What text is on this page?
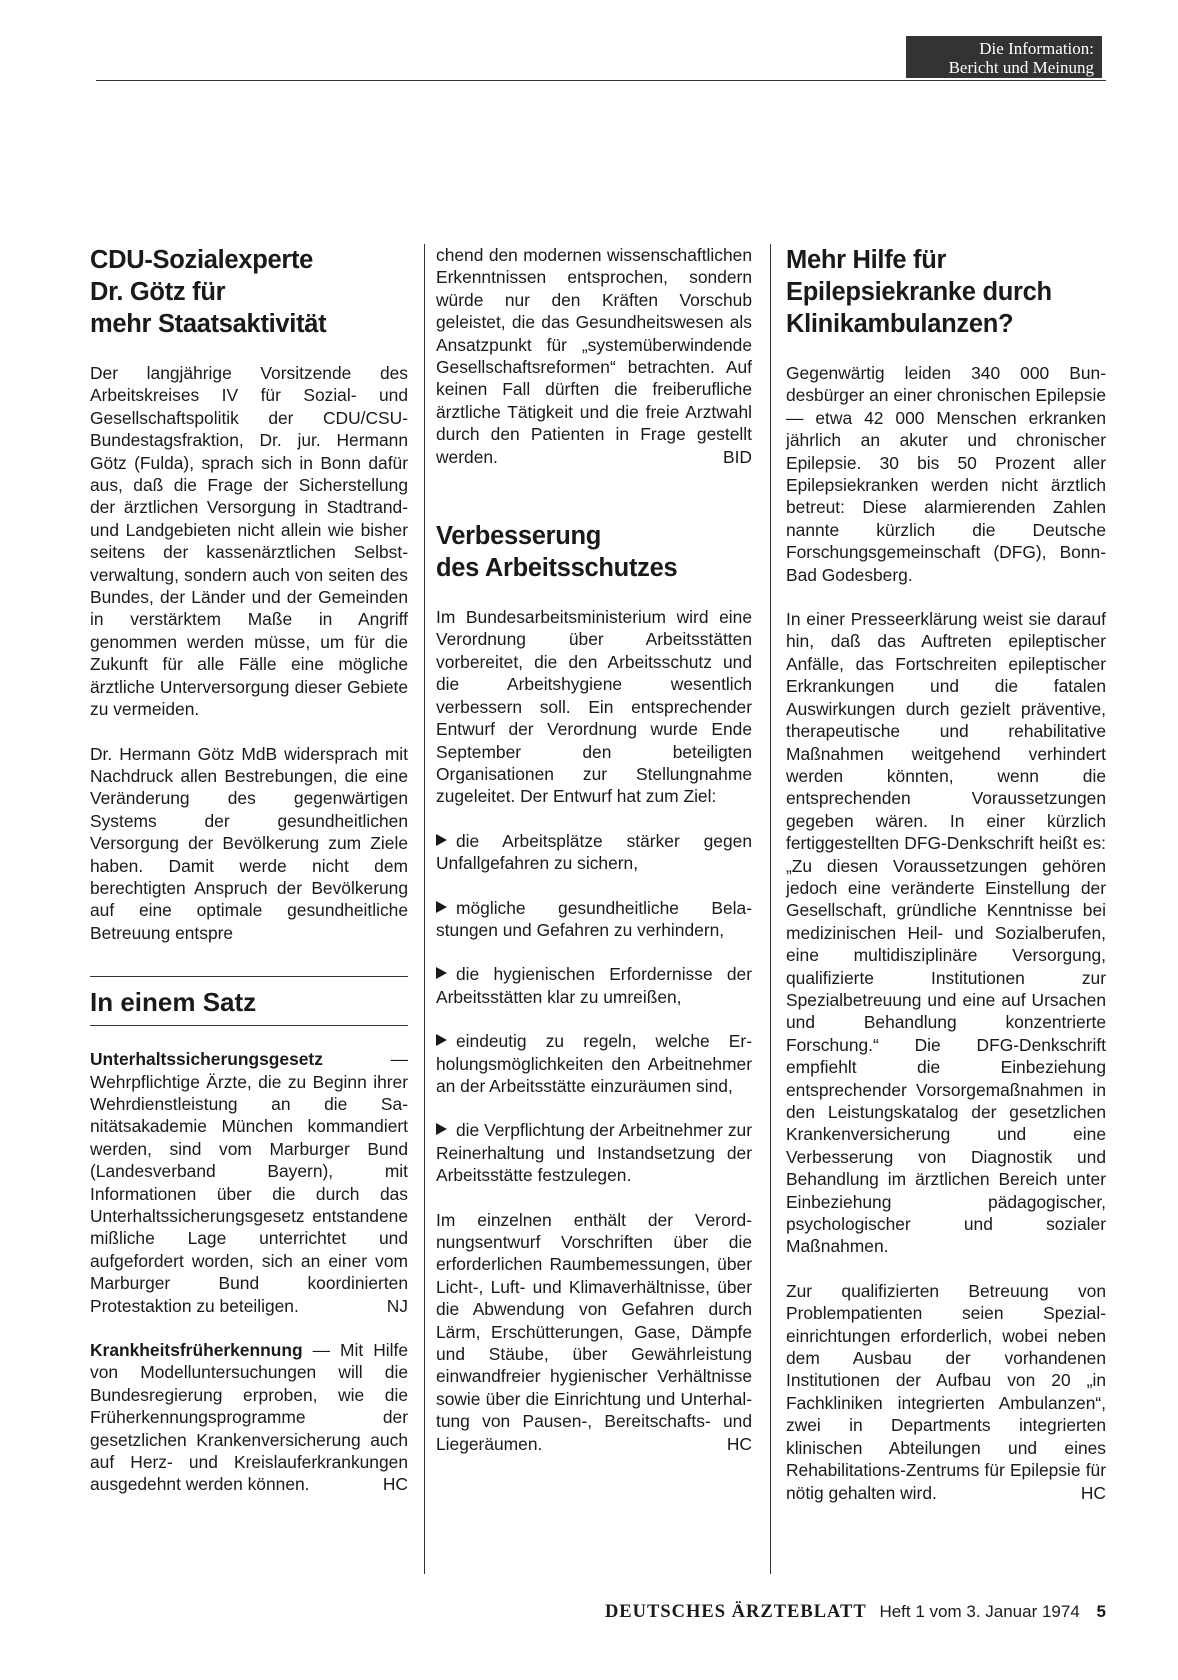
Die Information:
Bericht und Meinung
CDU-Sozialexperte
Dr. Götz für
mehr Staatsaktivität

Der langjährige Vorsitzende des Arbeitskreises IV für Sozial- und Gesellschaftspolitik der CDU/CSU-Bundestagsfraktion, Dr. jur. Hermann Götz (Fulda), sprach sich in Bonn dafür aus, daß die Frage der Sicherstellung der ärztlichen Versorgung in Stadtrand- und Landgebieten nicht allein wie bisher seitens der kassenärztlichen Selbstverwaltung, sondern auch von seiten des Bundes, der Länder und der Gemeinden in verstärktem Maße in Angriff genommen werden müsse, um für die Zukunft für alle Fälle eine mögliche ärztliche Unterversorgung dieser Gebiete zu vermeiden.

Dr. Hermann Götz MdB widersprach mit Nachdruck allen Bestrebungen, die eine Veränderung des gegenwärtigen Systems der gesundheitlichen Versorgung der Bevölkerung zum Ziele haben. Damit werde nicht dem berechtigten Anspruch der Bevölkerung auf eine optimale gesundheitliche Betreuung entspre

In einem Satz

—
Unterhaltssicherungsgesetz
Wehrpflichtige Ärzte, die zu Beginn ihrer Wehrdienstleistung an die Sanitätsakademie München kommandiert werden, sind vom Marburger Bund (Landesverband Bayern), mit Informationen über die durch das Unterhaltssicherungsgesetz entstandene mißliche Lage unterrichtet und aufgefordert worden, sich an einer vom Marburger Bund koordinierten Protestaktion zu beteiligen.	NJ

Krankheitsfrüherkennung — Mit Hilfe von Modelluntersuchungen will die Bundesregierung erproben, wie die Früherkennungsprogramme der gesetzlichen Krankenversicherung auch auf Herz- und Kreislauferkrankungen ausgedehnt werden können.	HC

chend den modernen wissenschaftlichen Erkenntnissen entsprochen, sondern würde nur den Kräften Vorschub geleistet, die das Gesundheitswesen als Ansatzpunkt für „systemüberwindende Gesellschaftsreformen“ betrachten. Auf keinen Fall dürften die freiberufliche ärztliche Tätigkeit und die freie Arztwahl durch den Patienten in Frage gestellt werden.	BID

Verbesserung
des Arbeitsschutzes

Im Bundesarbeitsministerium wird eine Verordnung über Arbeitsstätten vorbereitet, die den Arbeitsschutz und die Arbeitshygiene wesentlich verbessern soll. Ein entsprechender Entwurf der Verordnung wurde Ende September den beteiligten Organisationen zur Stellungnahme zugeleitet. Der Entwurf hat zum Ziel:

die Arbeitsplätze stärker gegen Unfallgefahren zu sichern,

mögliche gesundheitliche Belastungen und Gefahren zu verhindern,

die hygienischen Erfordernisse der Arbeitsstätten klar zu umreißen,

eindeutig zu regeln, welche Erholungsmöglichkeiten den Arbeitnehmer an der Arbeitsstätte einzuräumen sind,

die Verpflichtung der Arbeitnehmer zur Reinerhaltung und Instandsetzung der Arbeitsstätte festzulegen.

Im einzelnen enthält der Verordnungsentwurf Vorschriften über die erforderlichen Raumbemessungen, über Licht-, Luft- und Klimaverhältnisse, über die Abwendung von Gefahren durch Lärm, Erschütterungen, Gase, Dämpfe und Stäube, über Gewährleistung einwandfreier hygienischer Verhältnisse sowie über die Einrichtung und Unterhaltung von Pausen-, Bereitschafts- und Liegeräumen.	HC

Mehr Hilfe für
Epilepsiekranke durch
Klinikambulanzen?

Gegenwärtig leiden 340 000 Bundesbürger an einer chronischen Epilepsie — etwa 42 000 Menschen erkranken jährlich an akuter und chronischer Epilepsie. 30 bis 50 Prozent aller Epilepsiekranken werden nicht ärztlich betreut: Diese alarmierenden Zahlen nannte kürzlich die Deutsche Forschungsgemeinschaft (DFG), Bonn-Bad Godesberg.

In einer Presseerklärung weist sie darauf hin, daß das Auftreten epileptischer Anfälle, das Fortschreiten epileptischer Erkrankungen und die fatalen Auswirkungen durch gezielt präventive, therapeutische und rehabilitative Maßnahmen weitgehend verhindert werden könnten, wenn die entsprechenden Voraussetzungen gegeben wären. In einer kürzlich fertiggestellten DFG-Denkschrift heißt es: „Zu diesen Voraussetzungen gehören jedoch eine veränderte Einstellung der Gesellschaft, gründliche Kenntnisse bei medizinischen Heil- und Sozialberufen, eine multidisziplinäre Versorgung, qualifizierte Institutionen zur Spezialbetreuung und eine auf Ursachen und Behandlung konzentrierte Forschung.“ Die DFG-Denkschrift empfiehlt die Einbeziehung entsprechender Vorsorgemaßnahmen in den Leistungskatalog der gesetzlichen Krankenversicherung und eine Verbesserung von Diagnostik und Behandlung im ärztlichen Bereich unter Einbeziehung pädagogischer, psychologischer und sozialer Maßnahmen.

Zur qualifizierten Betreuung von Problempatienten seien Spezialeinrichtungen erforderlich, wobei neben dem Ausbau der vorhandenen Institutionen der Aufbau von 20 „in Fachkliniken integrierten Ambulanzen“, zwei in Departments integrierten klinischen Abteilungen und eines Rehabilitations-Zentrums für Epilepsie für nötig gehalten wird.	HC

DEUTSCHES ÄRZTEBLATT Heft 1 vom 3. Januar 1974 5
